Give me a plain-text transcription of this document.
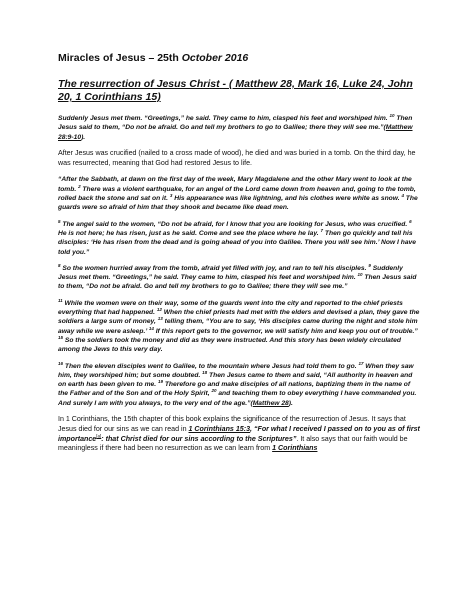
Miracles of Jesus – 25th October 2016
The resurrection of Jesus Christ - ( Matthew 28, Mark 16, Luke 24, John 20, 1 Corinthians 15)
Suddenly Jesus met them. “Greetings,” he said. They came to him, clasped his feet and worshiped him. $^{10}$ Then Jesus said to them, “Do not be afraid. Go and tell my brothers to go to Galilee; there they will see me.”(Matthew 28:9-10).
After Jesus was crucified (nailed to a cross made of wood), he died and was buried in a tomb. On the third day, he was resurrected, meaning that God had restored Jesus to life.
“After the Sabbath, at dawn on the first day of the week, Mary Magdalene and the other Mary went to look at the tomb. $^2$ There was a violent earthquake, for an angel of the Lord came down from heaven and, going to the tomb, rolled back the stone and sat on it. $^3$ His appearance was like lightning, and his clothes were white as snow. $^4$ The guards were so afraid of him that they shook and became like dead men.
$^5$ The angel said to the women, “Do not be afraid, for I know that you are looking for Jesus, who was crucified. $^6$ He is not here; he has risen, just as he said. Come and see the place where he lay. $^7$ Then go quickly and tell his disciples: ‘He has risen from the dead and is going ahead of you into Galilee. There you will see him.’ Now I have told you.”
$^8$ So the women hurried away from the tomb, afraid yet filled with joy, and ran to tell his disciples. $^9$ Suddenly Jesus met them. “Greetings,” he said. They came to him, clasped his feet and worshiped him. $^{10}$ Then Jesus said to them, “Do not be afraid. Go and tell my brothers to go to Galilee; there they will see me.”
$^{11}$ While the women were on their way, some of the guards went into the city and reported to the chief priests everything that had happened. $^{12}$ When the chief priests had met with the elders and devised a plan, they gave the soldiers a large sum of money, $^{13}$ telling them, “You are to say, ‘His disciples came during the night and stole him away while we were asleep.’ $^{14}$ If this report gets to the governor, we will satisfy him and keep you out of trouble.” $^{15}$ So the soldiers took the money and did as they were instructed. And this story has been widely circulated among the Jews to this very day.
$^{16}$ Then the eleven disciples went to Galilee, to the mountain where Jesus had told them to go. $^{17}$ When they saw him, they worshiped him; but some doubted. $^{18}$ Then Jesus came to them and said, “All authority in heaven and on earth has been given to me. $^{19}$ Therefore go and make disciples of all nations, baptizing them in the name of the Father and of the Son and of the Holy Spirit, $^{20}$ and teaching them to obey everything I have commanded you. And surely I am with you always, to the very end of the age.”(Matthew 28).
In 1 Corinthians, the 15th chapter of this book explains the significance of the resurrection of Jesus. It says that Jesus died for our sins as we can read in 1 Corinthians 15:3, “For what I received I passed on to you as of first importance[a]: that Christ died for our sins according to the Scriptures”. It also says that our faith would be meaningless if there had been no resurrection as we can learn from 1 Corinthians
